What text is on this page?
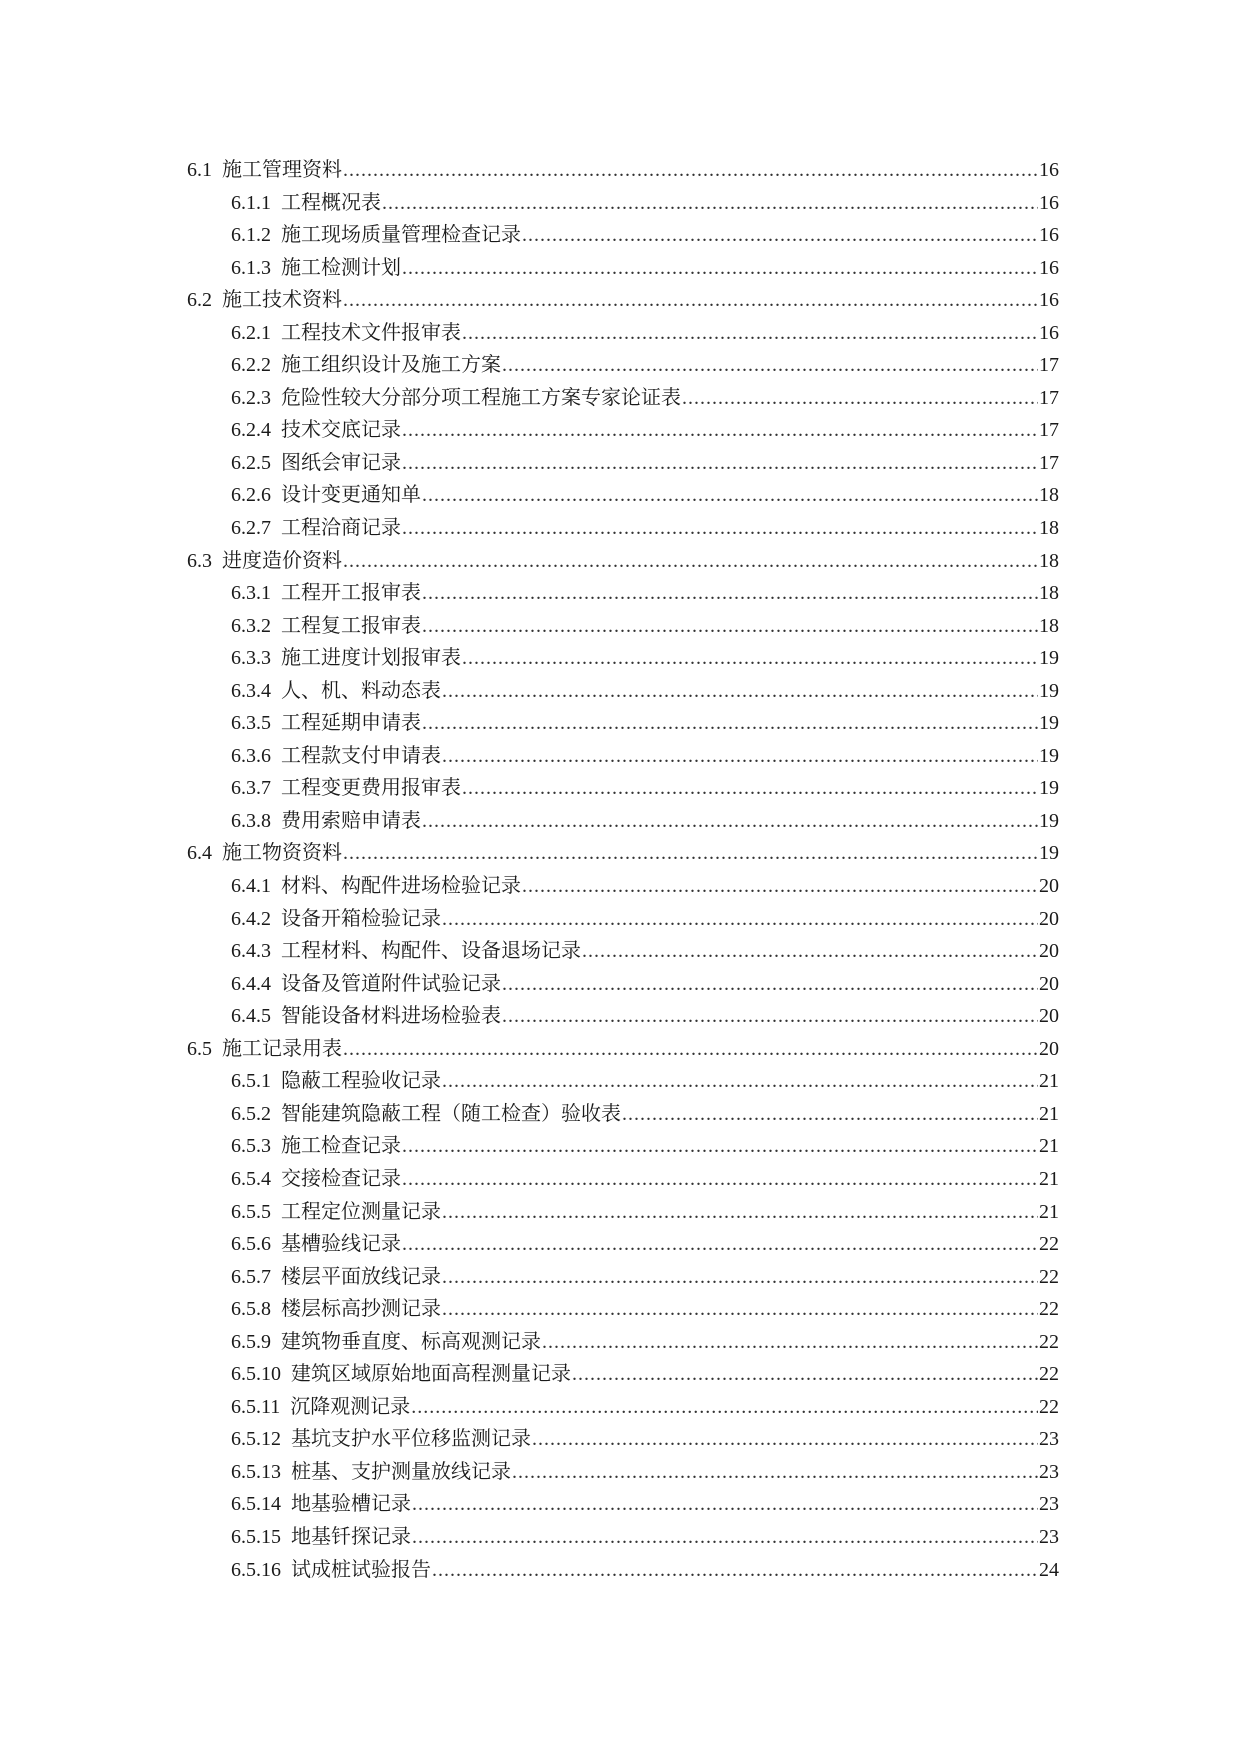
6.1 施工管理资料 .....	16
6.1.1 工程概况表 .....	16
6.1.2 施工现场质量管理检查记录 .....	16
6.1.3 施工检测计划 .....	16
6.2 施工技术资料 .....	16
6.2.1 工程技术文件报审表 .....	16
6.2.2 施工组织设计及施工方案 .....	17
6.2.3 危险性较大分部分项工程施工方案专家论证表 .....	17
6.2.4 技术交底记录 .....	17
6.2.5 图纸会审记录 .....	17
6.2.6 设计变更通知单 .....	18
6.2.7 工程洽商记录 .....	18
6.3 进度造价资料 .....	18
6.3.1 工程开工报审表 .....	18
6.3.2 工程复工报审表 .....	18
6.3.3 施工进度计划报审表 .....	19
6.3.4 人、机、料动态表 .....	19
6.3.5 工程延期申请表 .....	19
6.3.6 工程款支付申请表 .....	19
6.3.7 工程变更费用报审表 .....	19
6.3.8 费用索赔申请表 .....	19
6.4 施工物资资料 .....	19
6.4.1 材料、构配件进场检验记录 .....	20
6.4.2 设备开箱检验记录 .....	20
6.4.3 工程材料、构配件、设备退场记录 .....	20
6.4.4 设备及管道附件试验记录 .....	20
6.4.5 智能设备材料进场检验表 .....	20
6.5 施工记录用表 .....	20
6.5.1 隐蔽工程验收记录 .....	21
6.5.2 智能建筑隐蔽工程（随工检查）验收表 .....	21
6.5.3 施工检查记录 .....	21
6.5.4 交接检查记录 .....	21
6.5.5 工程定位测量记录 .....	21
6.5.6 基槽验线记录 .....	22
6.5.7 楼层平面放线记录 .....	22
6.5.8 楼层标高抄测记录 .....	22
6.5.9 建筑物垂直度、标高观测记录 .....	22
6.5.10 建筑区域原始地面高程测量记录 .....	22
6.5.11 沉降观测记录 .....	22
6.5.12 基坑支护水平位移监测记录 .....	23
6.5.13 桩基、支护测量放线记录 .....	23
6.5.14 地基验槽记录 .....	23
6.5.15 地基钎探记录 .....	23
6.5.16 试成桩试验报告 .....	24
